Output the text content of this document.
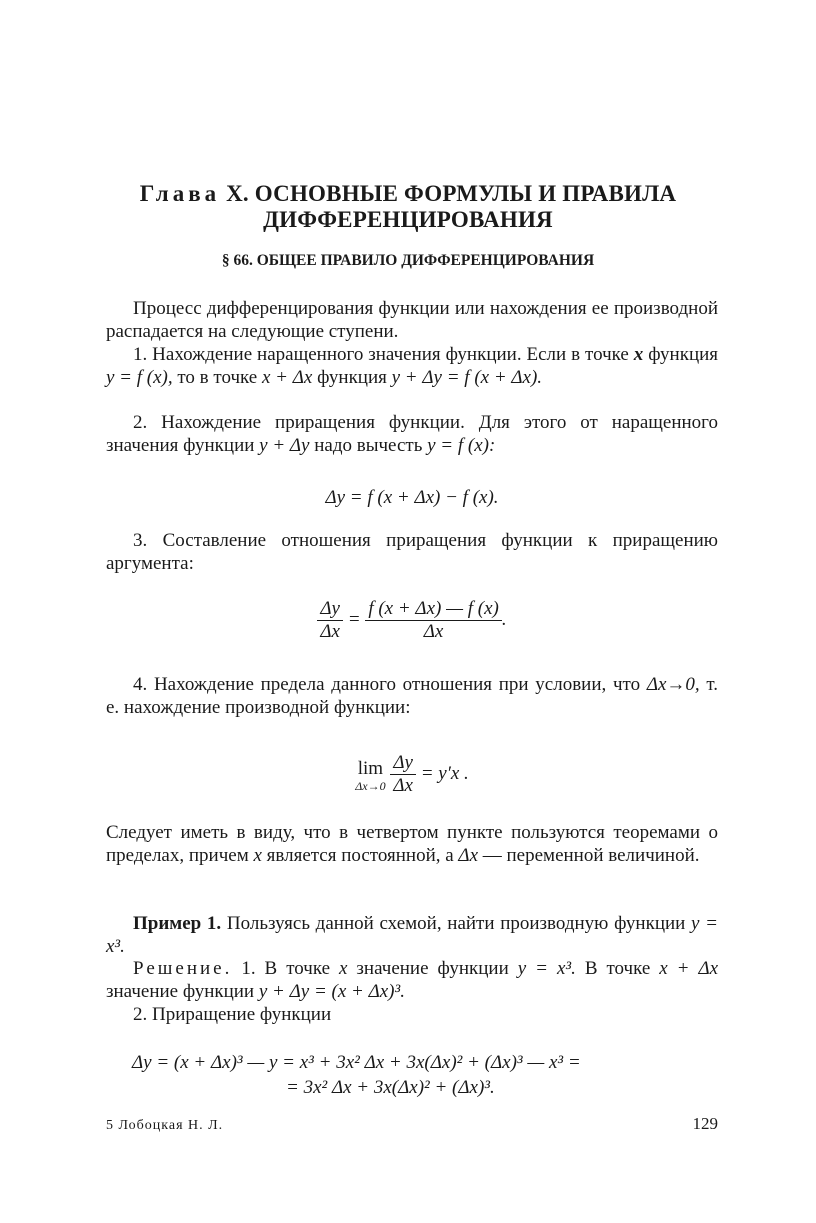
Глава X. ОСНОВНЫЕ ФОРМУЛЫ И ПРАВИЛА
ДИФФЕРЕНЦИРОВАНИЯ
§ 66. ОБЩЕЕ ПРАВИЛО ДИФФЕРЕНЦИРОВАНИЯ
Процесс дифференцирования функции или нахождения ее производной распадается на следующие ступени.
1. Нахождение наращенного значения функции. Если в точке x функция y = f (x), то в точке x + Δx функция y + Δy = f (x + Δx).
2. Нахождение приращения функции. Для этого от наращенного значения функции y + Δy надо вычесть y = f (x):
Δy = f (x + Δx) − f (x).
3. Составление отношения приращения функции к приращению аргумента:
$\frac{\Delta y}{\Delta x} = \frac{f (x + \Delta x) — f (x)}{\Delta x}$ .
4. Нахождение предела данного отношения при условии, что Δx→0, т. е. нахождение производной функции:
lim
Δx→0
$\frac{\Delta y}{\Delta x} = y'x$ .
Следует иметь в виду, что в четвертом пункте пользуются теоремами о пределах, причем x является постоянной, а Δx — переменной величиной.
Пример 1. Пользуясь данной схемой, найти производную функции y = x³.
Решение. 1. В точке x значение функции y = x³. В точке x + Δx значение функции y + Δy = (x + Δx)³.
2. Приращение функции
Δy = (x + Δx)³ — y = x³ + 3x² Δx + 3x(Δx)² + (Δx)³ — x³ =
= 3x² Δx + 3x(Δx)² + (Δx)³.
5 Лобоцкая Н. Л.	129
